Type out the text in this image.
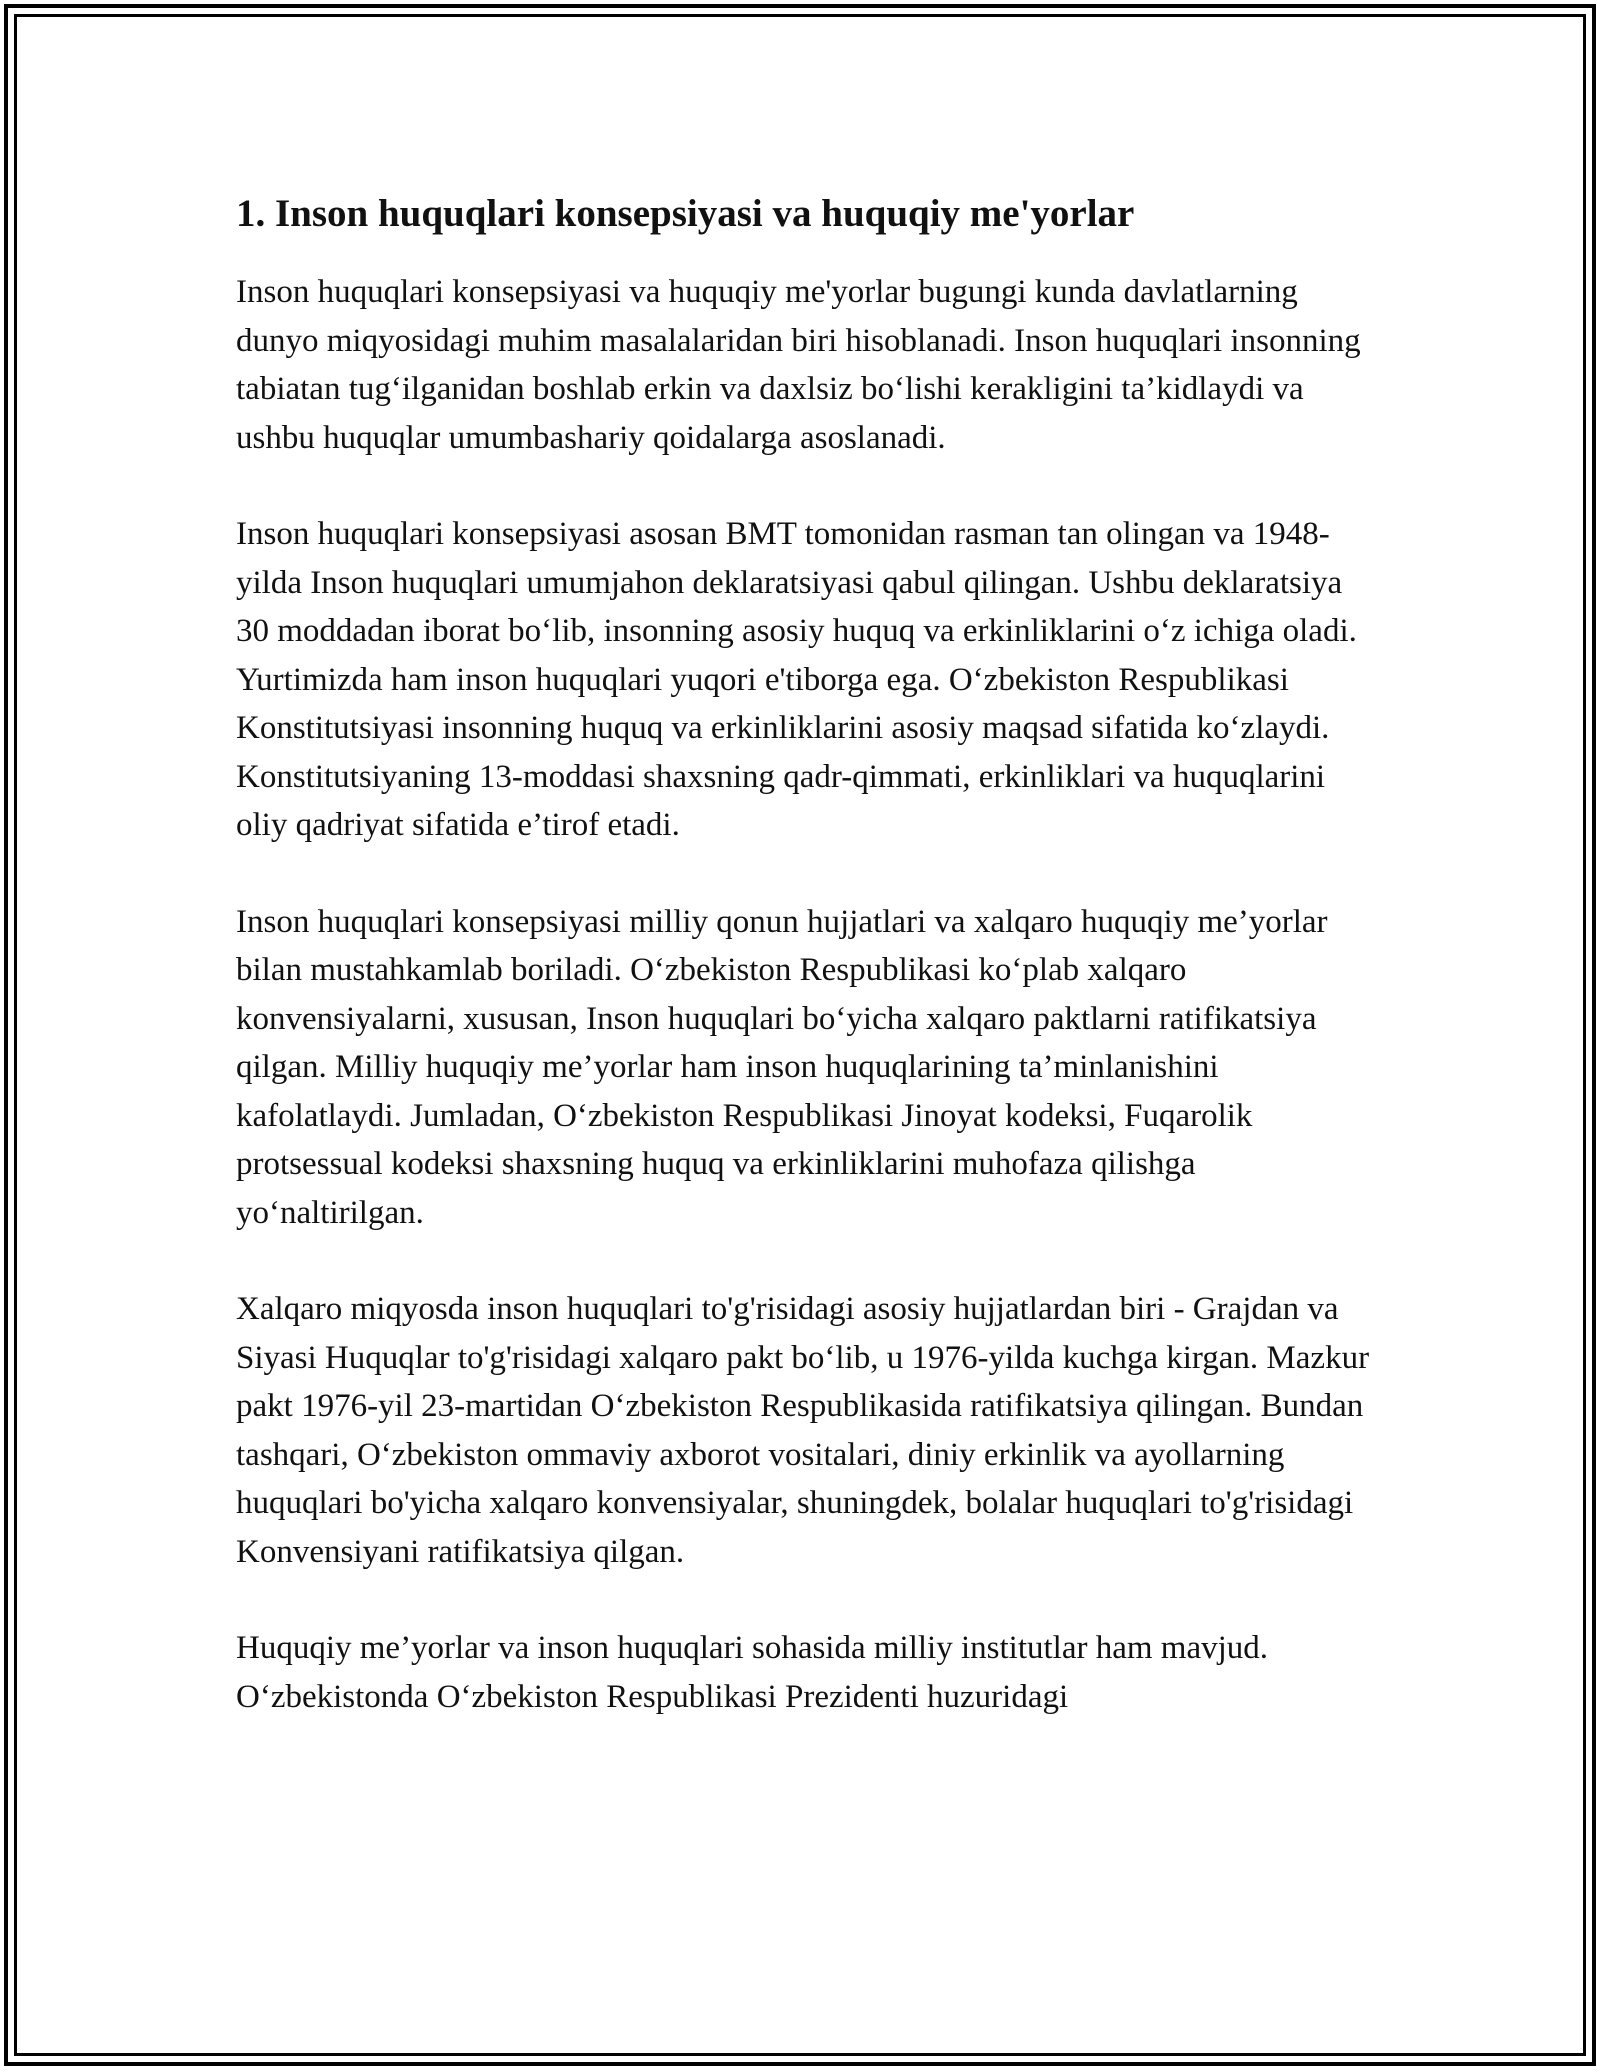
1. Inson huquqlari konsepsiyasi va huquqiy me'yorlar

Inson huquqlari konsepsiyasi va huquqiy me'yorlar bugungi kunda davlatlarning dunyo miqyosidagi muhim masalalaridan biri hisoblanadi. Inson huquqlari insonning tabiatan tug‘ilganidan boshlab erkin va daxlsiz bo‘lishi kerakligini ta’kidlaydi va ushbu huquqlar umumbashariy qoidalarga asoslanadi.

Inson huquqlari konsepsiyasi asosan BMT tomonidan rasman tan olingan va 1948-yilda Inson huquqlari umumjahon deklaratsiyasi qabul qilingan. Ushbu deklaratsiya 30 moddadan iborat bo‘lib, insonning asosiy huquq va erkinliklarini o‘z ichiga oladi. Yurtimizda ham inson huquqlari yuqori e'tiborga ega. O‘zbekiston Respublikasi Konstitutsiyasi insonning huquq va erkinliklarini asosiy maqsad sifatida ko‘zlaydi. Konstitutsiyaning 13-moddasi shaxsning qadr-qimmati, erkinliklari va huquqlarini oliy qadriyat sifatida e’tirof etadi.

Inson huquqlari konsepsiyasi milliy qonun hujjatlari va xalqaro huquqiy me’yorlar bilan mustahkamlab boriladi. O‘zbekiston Respublikasi ko‘plab xalqaro konvensiyalarni, xususan, Inson huquqlari bo‘yicha xalqaro paktlarni ratifikatsiya qilgan. Milliy huquqiy me’yorlar ham inson huquqlarining ta’minlanishini kafolatlaydi. Jumladan, O‘zbekiston Respublikasi Jinoyat kodeksi, Fuqarolik protsessual kodeksi shaxsning huquq va erkinliklarini muhofaza qilishga yo‘naltirilgan.

Xalqaro miqyosda inson huquqlari to'g'risidagi asosiy hujjatlardan biri - Grajdan va Siyasi Huquqlar to'g'risidagi xalqaro pakt bo‘lib, u 1976-yilda kuchga kirgan. Mazkur pakt 1976-yil 23-martidan O‘zbekiston Respublikasida ratifikatsiya qilingan. Bundan tashqari, O‘zbekiston ommaviy axborot vositalari, diniy erkinlik va ayollarning huquqlari bo'yicha xalqaro konvensiyalar, shuningdek, bolalar huquqlari to'g'risidagi Konvensiyani ratifikatsiya qilgan.

Huquqiy me’yorlar va inson huquqlari sohasida milliy institutlar ham mavjud. O‘zbekistonda O‘zbekiston Respublikasi Prezidenti huzuridagi
